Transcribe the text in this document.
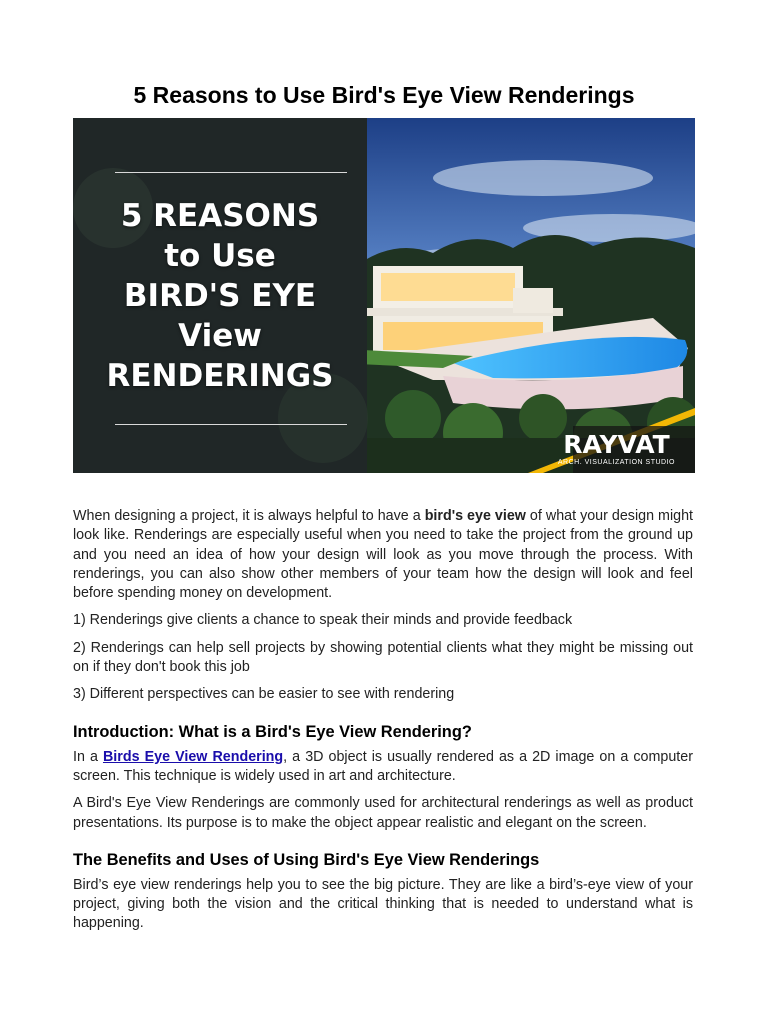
5 Reasons to Use Bird's Eye View Renderings
5 REASONS
to Use
BIRD'S EYE
View
RENDERINGS
RAYVAT
ARCH. VISUALIZATION STUDIO

When designing a project, it is always helpful to have a bird's eye view of what your design might look like. Renderings are especially useful when you need to take the project from the ground up and you need an idea of how your design will look as you move through the process. With renderings, you can also show other members of your team how the design will look and feel before spending money on development.

1) Renderings give clients a chance to speak their minds and provide feedback

2) Renderings can help sell projects by showing potential clients what they might be missing out on if they don't book this job

3) Different perspectives can be easier to see with rendering

Introduction: What is a Bird's Eye View Rendering?

In a Birds Eye View Rendering, a 3D object is usually rendered as a 2D image on a computer screen. This technique is widely used in art and architecture.

A Bird's Eye View Renderings are commonly used for architectural renderings as well as product presentations. Its purpose is to make the object appear realistic and elegant on the screen.

The Benefits and Uses of Using Bird's Eye View Renderings

Bird’s eye view renderings help you to see the big picture. They are like a bird’s-eye view of your project, giving both the vision and the critical thinking that is needed to understand what is happening.
